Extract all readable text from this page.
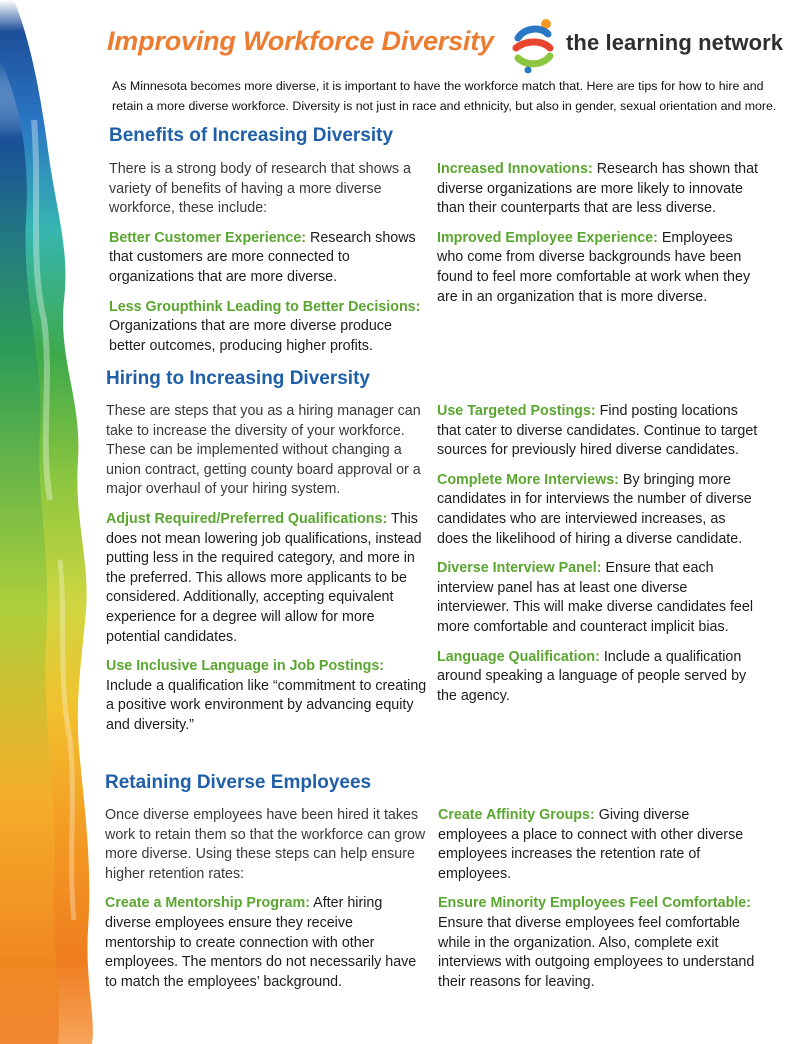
Improving Workforce Diversity	the learning network
As Minnesota becomes more diverse, it is important to have the workforce match that. Here are tips for how to hire and retain a more diverse workforce. Diversity is not just in race and ethnicity, but also in gender, sexual orientation and more.
Benefits of Increasing Diversity

There is a strong body of research that shows a variety of benefits of having a more diverse workforce, these include:

Better Customer Experience: Research shows that customers are more connected to organizations that are more diverse.

Less Groupthink Leading to Better Decisions: Organizations that are more diverse produce better outcomes, producing higher profits.

Increased Innovations: Research has shown that diverse organizations are more likely to innovate than their counterparts that are less diverse.

Improved Employee Experience: Employees who come from diverse backgrounds have been found to feel more comfortable at work when they are in an organization that is more diverse.

Hiring to Increasing Diversity

These are steps that you as a hiring manager can take to increase the diversity of your workforce. These can be implemented without changing a union contract, getting county board approval or a major overhaul of your hiring system.

Adjust Required/Preferred Qualifications: This does not mean lowering job qualifications, instead putting less in the required category, and more in the preferred. This allows more applicants to be considered. Additionally, accepting equivalent experience for a degree will allow for more potential candidates.

Use Inclusive Language in Job Postings: Include a qualification like “commitment to creating a positive work environment by advancing equity and diversity.”

Use Targeted Postings: Find posting locations that cater to diverse candidates. Continue to target sources for previously hired diverse candidates.

Complete More Interviews: By bringing more candidates in for interviews the number of diverse candidates who are interviewed increases, as does the likelihood of hiring a diverse candidate.

Diverse Interview Panel: Ensure that each interview panel has at least one diverse interviewer. This will make diverse candidates feel more comfortable and counteract implicit bias.

Language Qualification: Include a qualification around speaking a language of people served by the agency.

Retaining Diverse Employees

Once diverse employees have been hired it takes work to retain them so that the workforce can grow more diverse. Using these steps can help ensure higher retention rates:

Create a Mentorship Program: After hiring diverse employees ensure they receive mentorship to create connection with other employees. The mentors do not necessarily have to match the employees’ background.

Create Affinity Groups: Giving diverse employees a place to connect with other diverse employees increases the retention rate of employees.

Ensure Minority Employees Feel Comfortable: Ensure that diverse employees feel comfortable while in the organization. Also, complete exit interviews with outgoing employees to understand their reasons for leaving.
